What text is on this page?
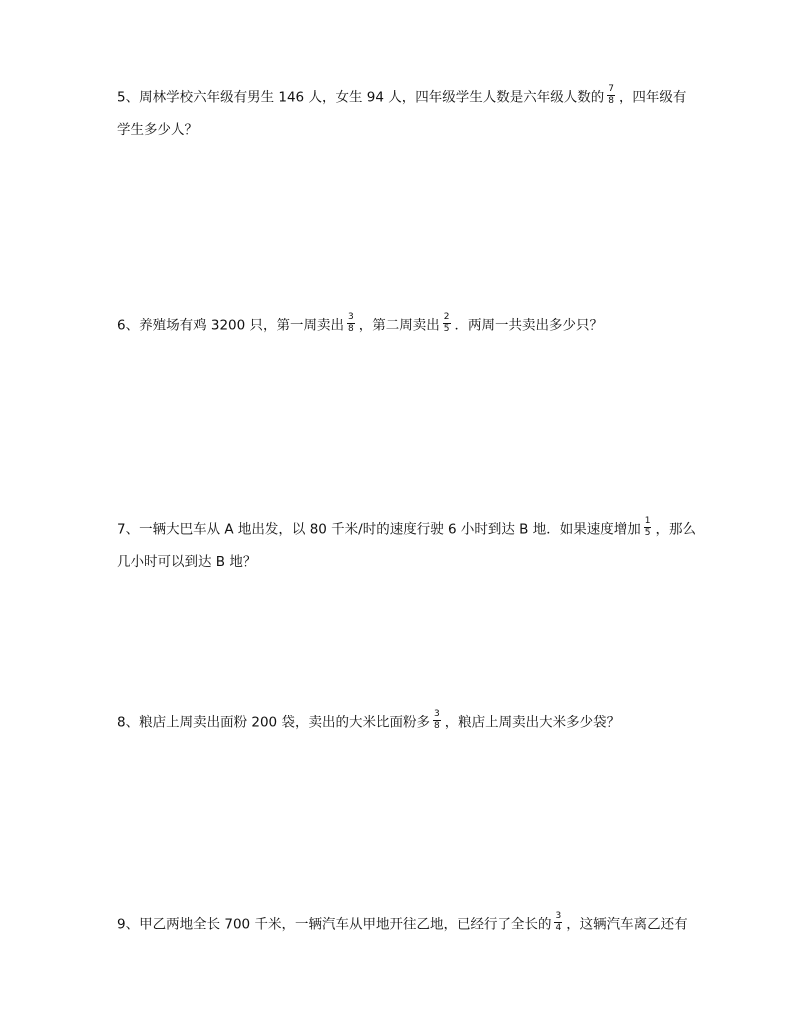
5、周林学校六年级有男生 146 人，女生 94 人，四年级学生人数是六年级人数的 $\frac{7}{8}$ ，四年级有
学生多少人？
6、养殖场有鸡 3200 只，第一周卖出 $\frac{3}{8}$ ，第二周卖出 $\frac{2}{5}$ ．两周一共卖出多少只？
7、一辆大巴车从 A 地出发，以 80 千米/时的速度行驶 6 小时到达 B 地．如果速度增加 $\frac{1}{5}$ ，那么
几小时可以到达 B 地？
8、粮店上周卖出面粉 200 袋，卖出的大米比面粉多 $\frac{3}{8}$ ，粮店上周卖出大米多少袋？
9、甲乙两地全长 700 千米，一辆汽车从甲地开往乙地，已经行了全长的 $\frac{3}{4}$ ，这辆汽车离乙还有
